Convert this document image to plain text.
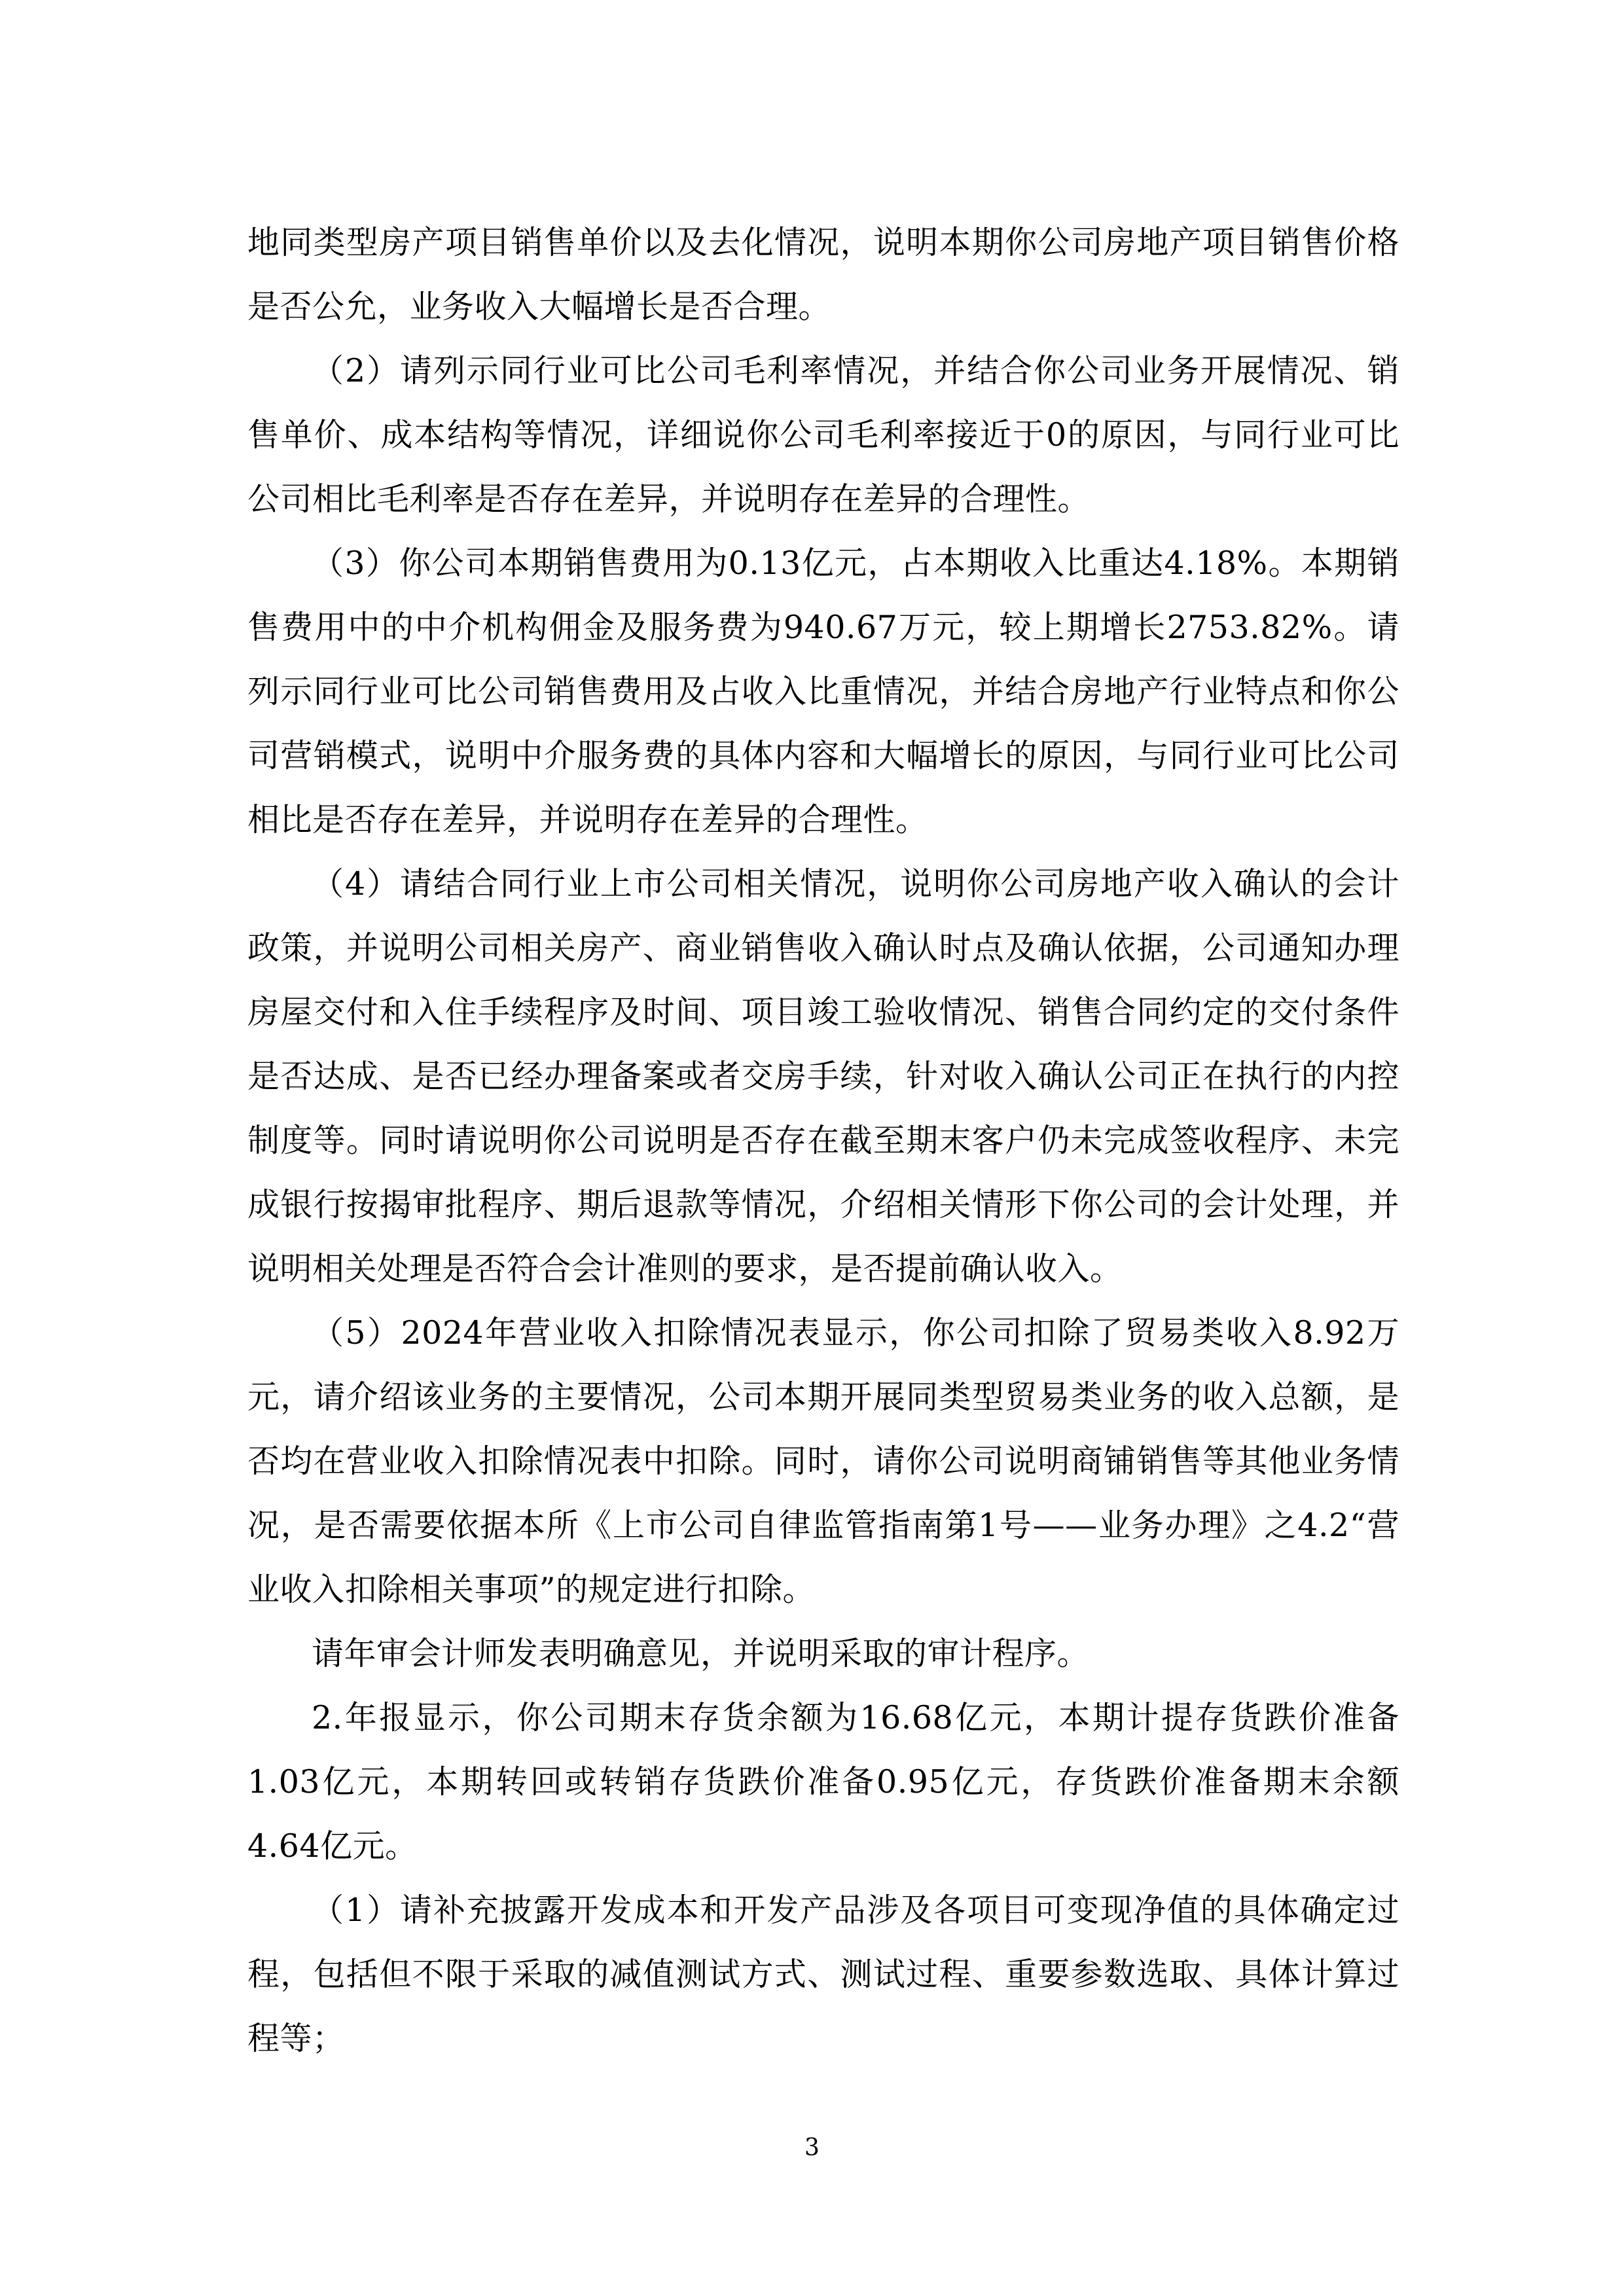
地同类型房产项目销售单价以及去化情况，说明本期你公司房地产项目销售价格是否公允，业务收入大幅增长是否合理。

（2）请列示同行业可比公司毛利率情况，并结合你公司业务开展情况、销售单价、成本结构等情况，详细说你公司毛利率接近于0的原因，与同行业可比公司相比毛利率是否存在差异，并说明存在差异的合理性。

（3）你公司本期销售费用为0.13亿元，占本期收入比重达4.18%。本期销售费用中的中介机构佣金及服务费为940.67万元，较上期增长2753.82%。请列示同行业可比公司销售费用及占收入比重情况，并结合房地产行业特点和你公司营销模式，说明中介服务费的具体内容和大幅增长的原因，与同行业可比公司相比是否存在差异，并说明存在差异的合理性。

（4）请结合同行业上市公司相关情况，说明你公司房地产收入确认的会计政策，并说明公司相关房产、商业销售收入确认时点及确认依据，公司通知办理房屋交付和入住手续程序及时间、项目竣工验收情况、销售合同约定的交付条件是否达成、是否已经办理备案或者交房手续，针对收入确认公司正在执行的内控制度等。同时请说明你公司说明是否存在截至期末客户仍未完成签收程序、未完成银行按揭审批程序、期后退款等情况，介绍相关情形下你公司的会计处理，并说明相关处理是否符合会计准则的要求，是否提前确认收入。

（5）2024年营业收入扣除情况表显示，你公司扣除了贸易类收入8.92万元，请介绍该业务的主要情况，公司本期开展同类型贸易类业务的收入总额，是否均在营业收入扣除情况表中扣除。同时，请你公司说明商铺销售等其他业务情况，是否需要依据本所《上市公司自律监管指南第1号——业务办理》之4.2“营业收入扣除相关事项”的规定进行扣除。

请年审会计师发表明确意见，并说明采取的审计程序。

2.年报显示，你公司期末存货余额为16.68亿元，本期计提存货跌价准备1.03亿元，本期转回或转销存货跌价准备0.95亿元，存货跌价准备期末余额4.64亿元。

（1）请补充披露开发成本和开发产品涉及各项目可变现净值的具体确定过程，包括但不限于采取的减值测试方式、测试过程、重要参数选取、具体计算过程等；

3
